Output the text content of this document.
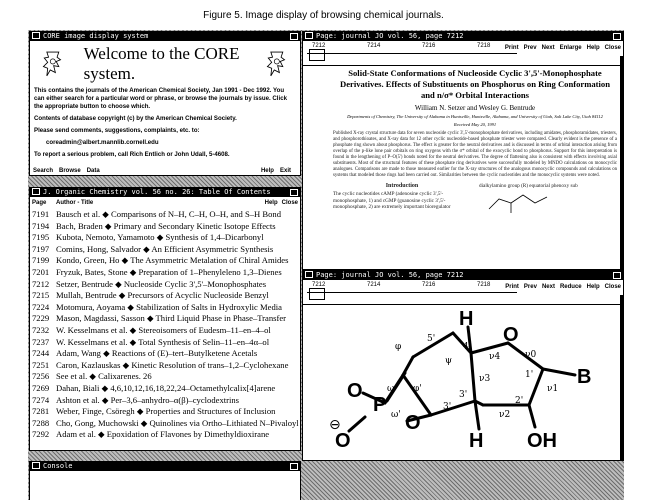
Figure 5. Image display of browsing chemical journals.
CORE image display system
Welcome to the CORE system.

This contains the journals of the American Chemical Society, Jan 1991 - Dec 1992. You can either search for a particular word or phrase, or browse the journals by issue. Click the appropriate button to choose which.

Contents of database copyright (c) by the American Chemical Society.

Please send comments, suggestions, complaints, etc. to:

coreadmin@albert.mannlib.cornell.edu

To report a serious problem, call Rich Entlich or John Udall, 5-4608.

Search Browse Data	Help Exit
J. Organic Chemistry vol. 56 no. 26: Table Of Contents
Page	Author - Title	Help Close
7191 Bausch et al. ◆ Comparisons of N–H, C–H, O–H, and S–H Bond
7194 Bach, Braden ◆ Primary and Secondary Kinetic Isotope Effects
7195 Kubota, Nemoto, Yamamoto ◆ Synthesis of 1,4–Dicarbonyl
7197 Comins, Hong, Salvador ◆ An Efficient Asymmetric Synthesis
7199 Kondo, Green, Ho ◆ The Asymmetric Metalation of Chiral Amides
7201 Fryzuk, Bates, Stone ◆ Preparation of 1–Phenyleleno 1,3–Dienes
7212 Setzer, Bentrude ◆ Nucleoside Cyclic 3',5'–Monophosphates
7215 Mullah, Bentrude ◆ Precursors of Acyclic Nucleoside Benzyl
7224 Motomura, Aoyama ◆ Stabilization of Salts in Hydroxylic Media
7229 Mason, Magdassi, Sasson ◆ Third Liquid Phase in Phase–Transfer
7232 W. Kesselmans et al. ◆ Stereoisomers of Eudesm–11–en–4–ol
7237 W. Kesselmans et al. ◆ Total Synthesis of Selin–11–en–4α–ol
7244 Adam, Wang ◆ Reactions of (E)–tert–Butylketene Acetals
7251 Caron, Kazlauskas ◆ Kinetic Resolution of trans–1,2–Cyclohexane
7256 See et al. ◆ Calixarenes. 26
7269 Dahan, Biali ◆ 4,6,10,12,16,18,22,24–Octamethylcalix[4]arene
7274 Ashton et al. ◆ Per–3,6–anhydro–α(β)–cyclodextrins
7281 Weber, Finge, Csöregh ◆ Properties and Structures of Inclusion
7288 Cho, Gong, Muchowski ◆ Quinolines via Ortho–Lithiated N–Pivaloyl
7292 Adam et al. ◆ Epoxidation of Flavones by Dimethyldioxirane
Page: journal JO vol. 56, page 7212
7212	7214	7216	7218 Print Prev Next Enlarge Help Close
Solid-State Conformations of Nucleoside Cyclic 3',5'-Monophosphate Derivatives. Effects of Substituents on Phosphorus on Ring Conformation and n/σ* Orbital Interactions
William N. Setzer and Wesley G. Bentrude
Departments of Chemistry, The University of Alabama in Huntsville, Huntsville, Alabama, and University of Utah, Salt Lake City, Utah 84112
Received May 20, 1991
Published X-ray crystal structure data for seven nucleoside cyclic 3',5'-monophosphate derivatives, including amidates, phosphoramidates, triesters, and phosphorothioates, and X-ray data for 12 other cyclic nucleotide-based phosphate triester were compared. Clearly evident is the presence of a phosphate ring shown about phosphorus. The effect is greater for the neutral derivatives and is discussed in terms of orbital interaction arising from overlap of the p-like lone pair orbitals on ring oxygens with the σ* orbital of the exocyclic bond to phosphorus. Support for this interpretation is found in the lengthening of P–O(5') bonds noted for the neutral derivatives. The degree of flattening also is consistent with effects involving axial substituents. Most of the structural features of these phosphate ring derivatives were successfully modeled by MNDO calculations on monocyclic analogues. Comparisons are made to those measured earlier for the X-ray structures of the analogous monocyclic compounds and calculations on systems that modeled those rings had been carried out. Similarities between the cyclic nucleotides and the monocyclic systems were noted.
Introduction
The cyclic nucleotides cAMP (adenosine cyclic 3',5'-monophosphate, 1) and cGMP (guanosine cyclic 3',5'-monophosphate, 2) are extremely important bioregulator
dialkylamino group (R) equatorial phenoxy sub
Page: journal JO vol. 56, page 7212
7212	7214	7216	7218 Print Prev Next Reduce Help Close
H
H
B
OH
O
P
O
O
O
⊖
φ
φ'
ψ
ν0
ν1
ν2
ν3
ν4
ω
ω'
5'
4'
3'
2'
1'
3'
Console
